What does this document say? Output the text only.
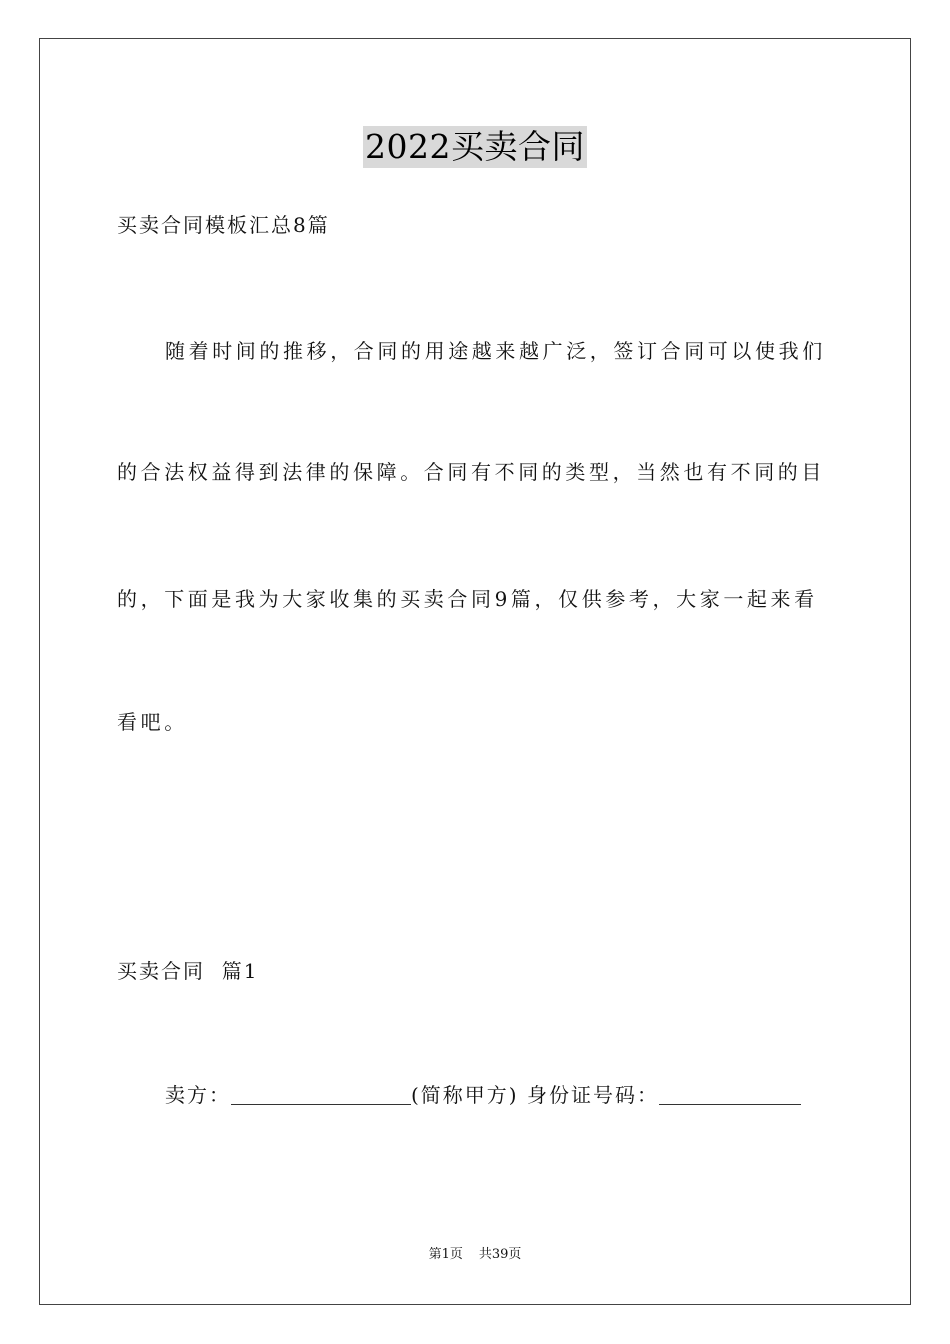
2022买卖合同
买卖合同模板汇总8篇
随着时间的推移，合同的用途越来越广泛，签订合同可以使我们
的合法权益得到法律的保障。合同有不同的类型，当然也有不同的目
的，下面是我为大家收集的买卖合同9篇，仅供参考，大家一起来看
看吧。
买卖合同  篇1
卖方：	(简称甲方) 身份证号码：
第1页 共39页
